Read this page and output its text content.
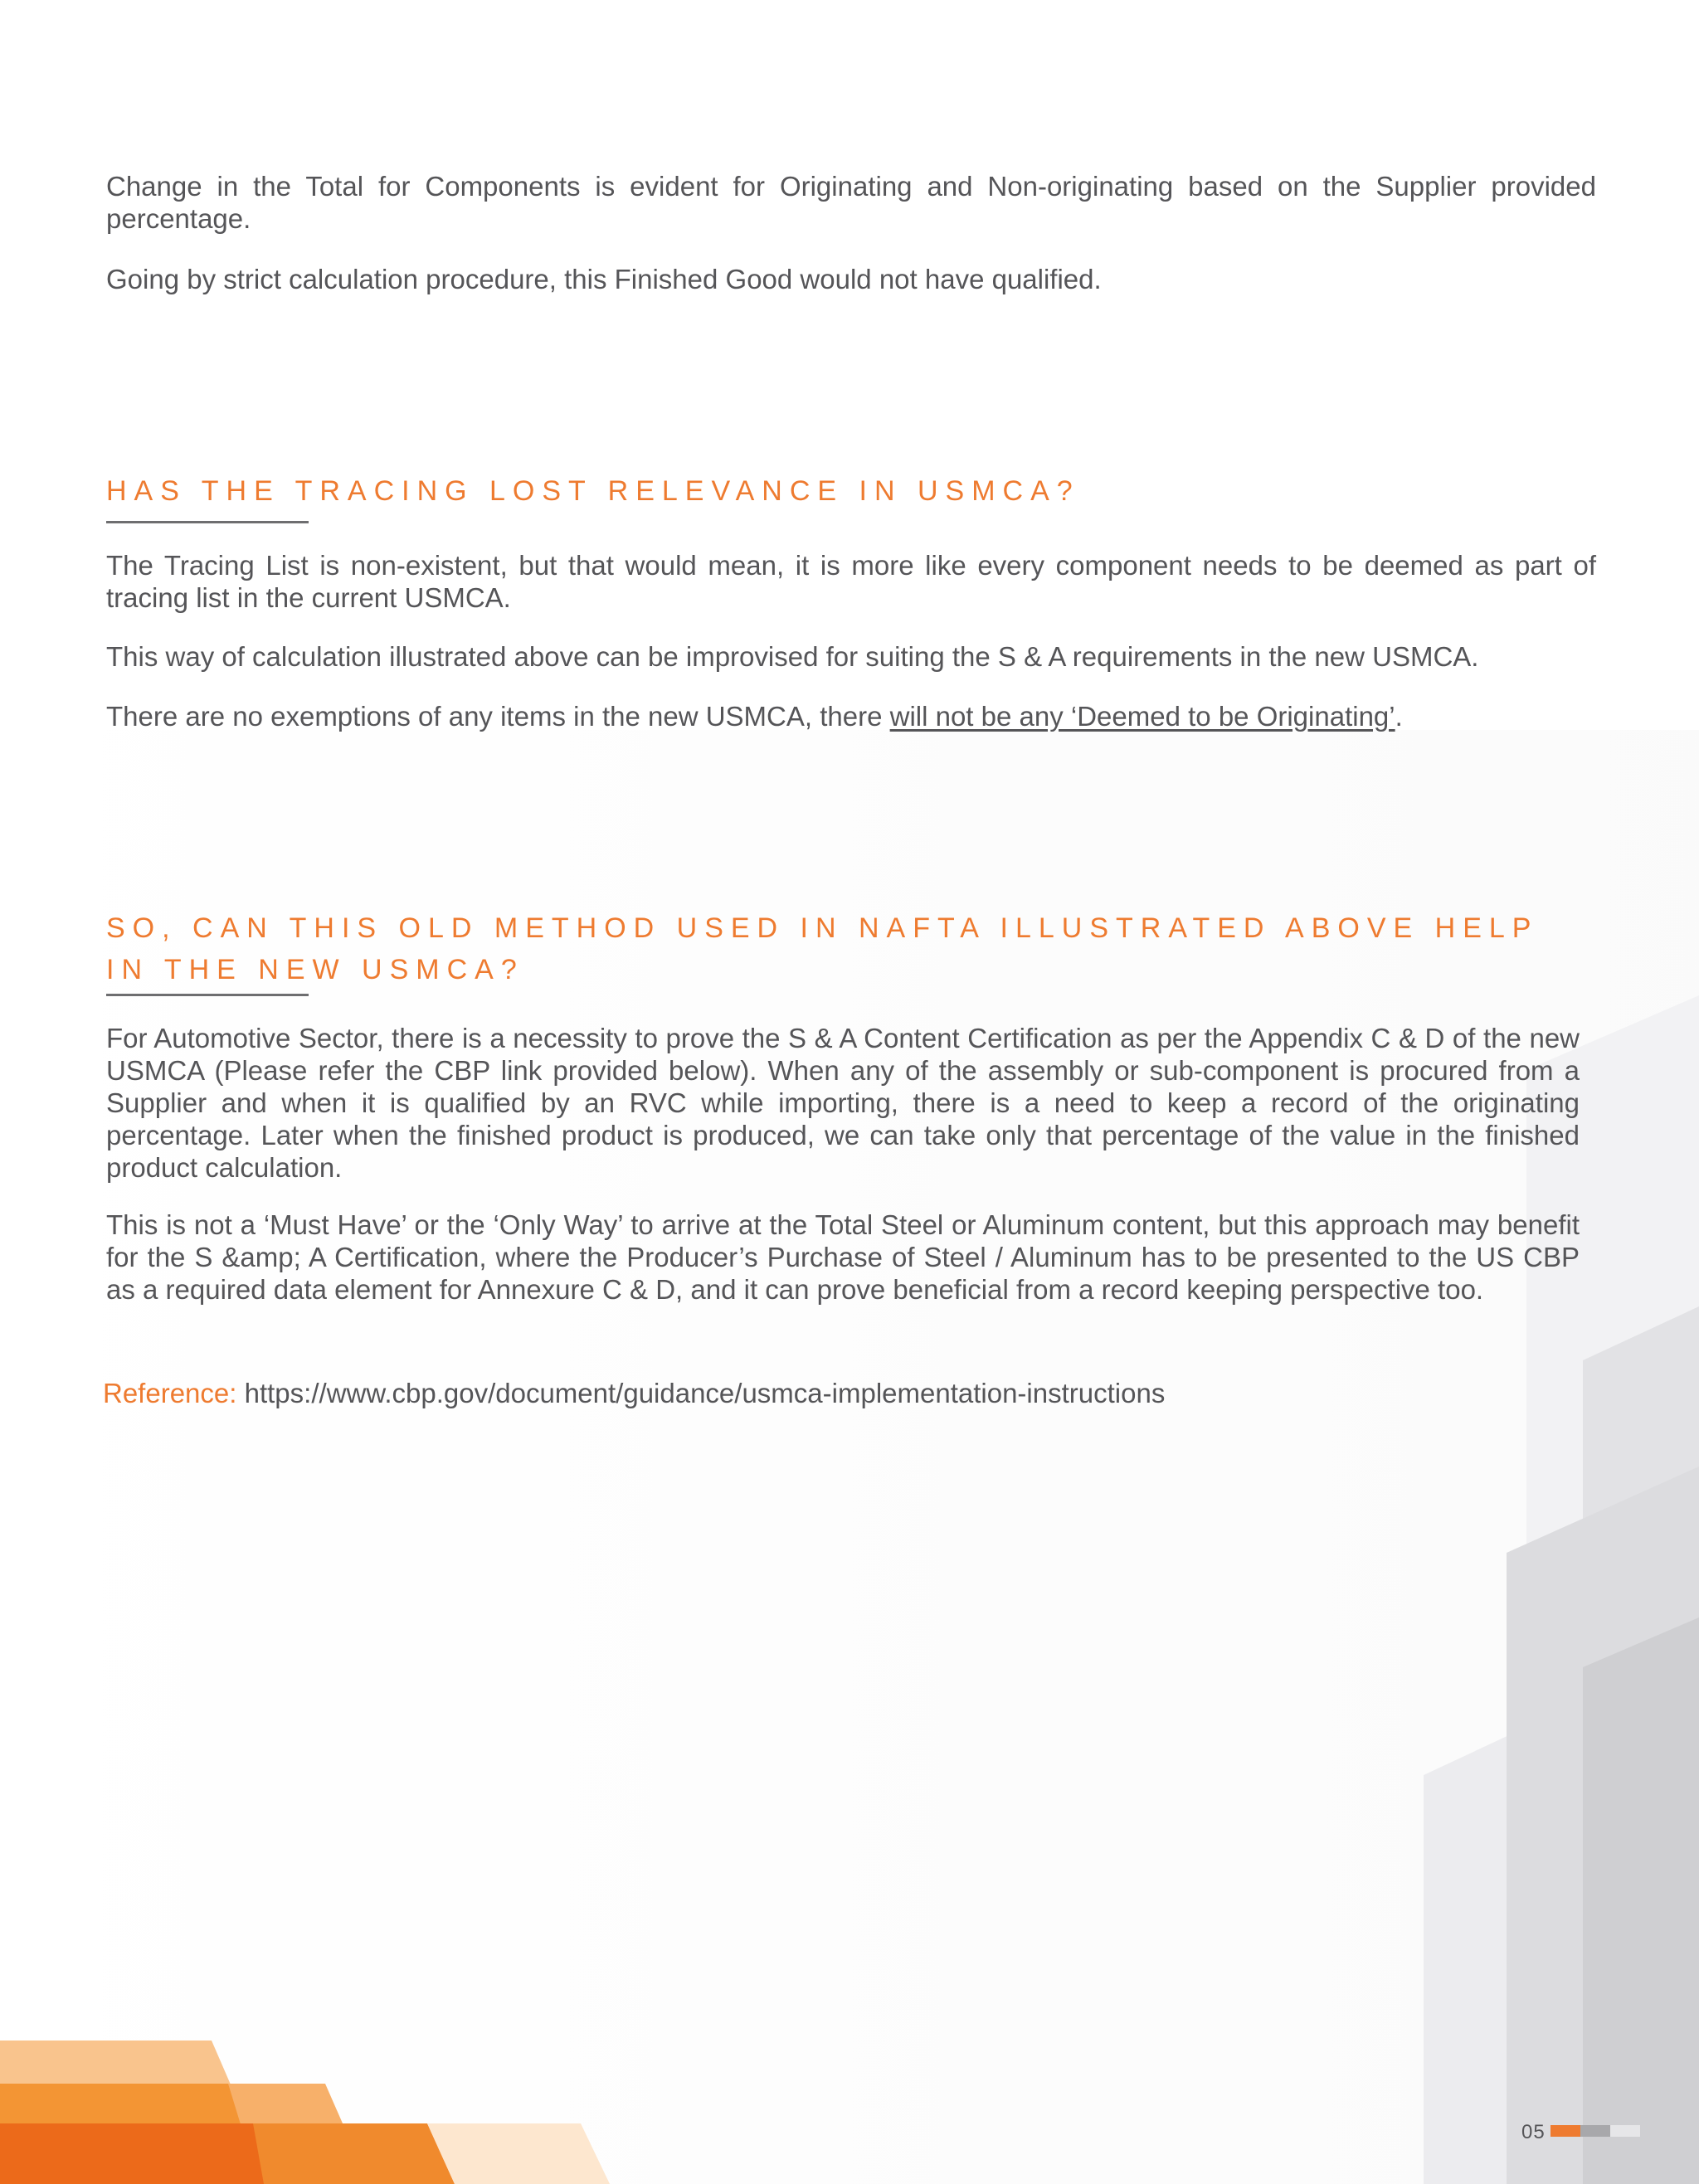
05

Change in the Total for Components is evident for Originating and Non-originating based on the Supplier provided percentage.

Going by strict calculation procedure, this Finished Good would not have qualified.

HAS THE TRACING LOST RELEVANCE IN USMCA?

The Tracing List is non-existent, but that would mean, it is more like every component needs to be deemed as part of tracing list in the current USMCA.

This way of calculation illustrated above can be improvised for suiting the S & A requirements in the new USMCA.

There are no exemptions of any items in the new USMCA, there will not be any ‘Deemed to be Originating’.

SO, CAN THIS OLD METHOD USED IN NAFTA ILLUSTRATED ABOVE HELP IN THE NEW USMCA?

For Automotive Sector, there is a necessity to prove the S & A Content Certification as per the Appendix C & D of the new USMCA (Please refer the CBP link provided below). When any of the assembly or sub-component is procured from a Supplier and when it is qualified by an RVC while importing, there is a need to keep a record of the originating percentage. Later when the finished product is produced, we can take only that percentage of the value in the finished product calculation.

This is not a ‘Must Have’ or the ‘Only Way’ to arrive at the Total Steel or Aluminum content, but this approach may benefit for the S &amp; A Certification, where the Producer’s Purchase of Steel / Aluminum has to be presented to the US CBP as a required data element for Annexure C & D, and it can prove beneficial from a record keeping perspective too.

Reference: https://www.cbp.gov/document/guidance/usmca-implementation-instructions
